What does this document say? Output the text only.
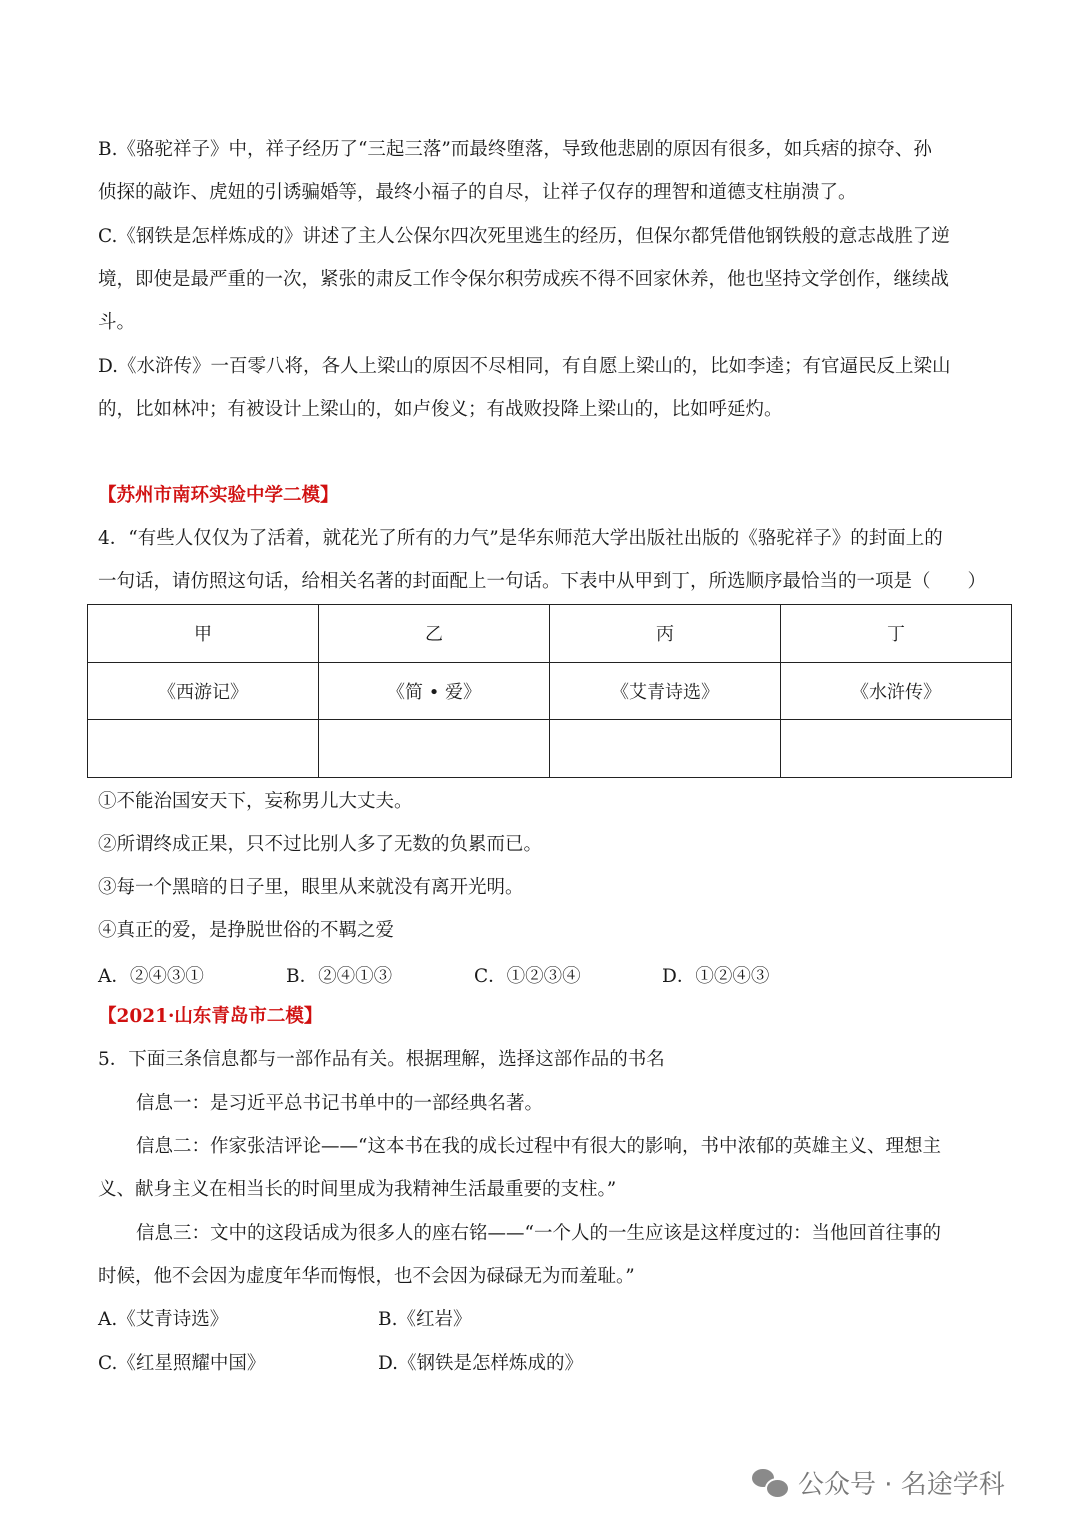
B.《骆驼祥子》中，祥子经历了“三起三落”而最终堕落，导致他悲剧的原因有很多，如兵痞的掠夺、孙
侦探的敲诈、虎妞的引诱骗婚等，最终小福子的自尽，让祥子仅存的理智和道德支柱崩溃了。
C.《钢铁是怎样炼成的》讲述了主人公保尔四次死里逃生的经历，但保尔都凭借他钢铁般的意志战胜了逆
境，即使是最严重的一次，紧张的肃反工作令保尔积劳成疾不得不回家休养，他也坚持文学创作，继续战
斗。
D.《水浒传》一百零八将，各人上梁山的原因不尽相同，有自愿上梁山的，比如李逵；有官逼民反上梁山
的，比如林冲；有被设计上梁山的，如卢俊义；有战败投降上梁山的，比如呼延灼。
【苏州市南环实验中学二模】
4．“有些人仅仅为了活着，就花光了所有的力气”是华东师范大学出版社出版的《骆驼祥子》的封面上的
一句话，请仿照这句话，给相关名著的封面配上一句话。下表中从甲到丁，所选顺序最恰当的一项是（　　）
甲	乙	丙	丁
《西游记》	《简 • 爱》	《艾青诗选》	《水浒传》

①不能治国安天下，妄称男儿大丈夫。
②所谓终成正果，只不过比别人多了无数的负累而已。
③每一个黑暗的日子里，眼里从来就没有离开光明。
④真正的爱，是挣脱世俗的不羁之爱
A．②④③①	B．②④①③	C．①②③④	D．①②④③
【2021·山东青岛市二模】
5．下面三条信息都与一部作品有关。根据理解，选择这部作品的书名
信息一：是习近平总书记书单中的一部经典名著。
信息二：作家张洁评论——“这本书在我的成长过程中有很大的影响，书中浓郁的英雄主义、理想主
义、献身主义在相当长的时间里成为我精神生活最重要的支柱。”
信息三：文中的这段话成为很多人的座右铭——“一个人的一生应该是这样度过的：当他回首往事的
时候，他不会因为虚度年华而悔恨，也不会因为碌碌无为而羞耻。”
A.《艾青诗选》	B.《红岩》
C.《红星照耀中国》	D.《钢铁是怎样炼成的》
公众号 · 名途学科
